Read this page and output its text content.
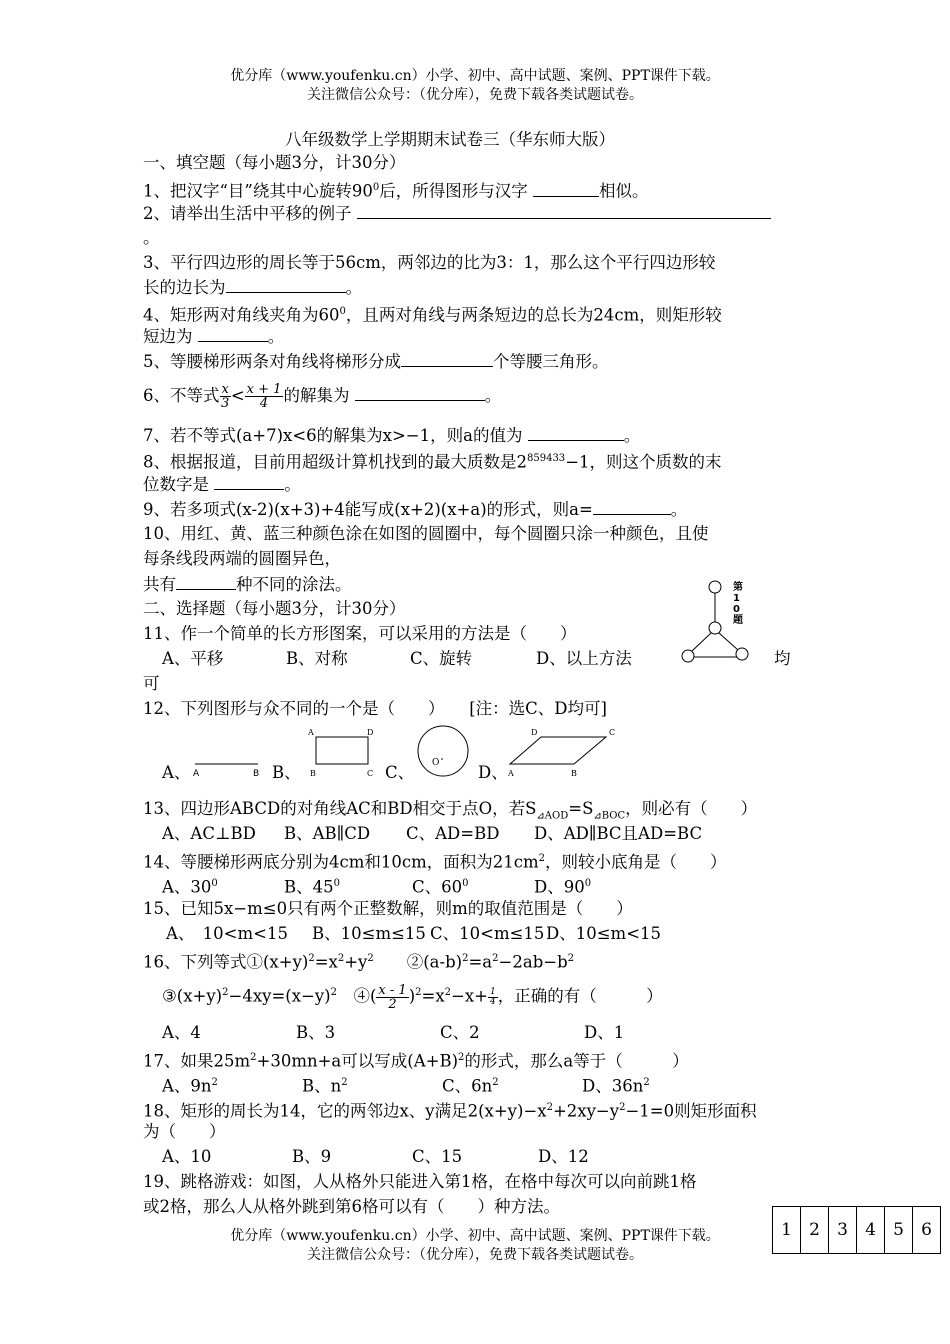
优分库（www.youfenku.cn）小学、初中、高中试题、案例、PPT课件下载。
关注微信公众号：（优分库），免费下载各类试题试卷。
八年级数学上学期期末试卷三（华东师大版）
一、填空题（每小题3分，计30分）
1、把汉字“目”绕其中心旋转$90^0$后，所得图形与汉字	相似。
2、请举出生活中平移的例子
。
3、平行四边形的周长等于56cm，两邻边的比为3：1，那么这个平行四边形较
长的边长为	。
4、矩形两对角线夹角为$60^0$，且两对角线与两条短边的总长为24cm，则矩形较
短边为	。
5、等腰梯形两条对角线将梯形分成	个等腰三角形。
6、不等式 $\frac{x}{3} < \frac{x + 1}{4}$ 的解集为	。
7、若不等式(a+7)x<6的解集为x>−1，则a的值为	。
8、根据报道，目前用超级计算机找到的最大质数是$2^{859433}-1$，则这个质数的末
位数字是	。
9、若多项式(x-2)(x+3)+4能写成(x+2)(x+a)的形式，则a=	。
10、用红、黄、蓝三种颜色涂在如图的圆圈中，每个圆圈只涂一种颜色，且使
每条线段两端的圆圈异色，
共有	种不同的涂法。	第10题
二、选择题（每小题3分，计30分）
11、作一个简单的长方形图案，可以采用的方法是（　　）
A、平移	B、对称	C、旋转	D、以上方法	均
可
12、下列图形与众不同的一个是（　　）　　 [注：选C、D均可]
A、 A	B B、
A	D
B	C C、 O D、
D	C
A	B
13、四边形ABCD的对角线AC和BD相交于点O，若$S_{⊿AOD}=S_{⊿BOC}$，则必有（　　）
A、AC⊥BD B、AB∥CD C、AD=BD D、AD∥BC且AD=BC
14、等腰梯形两底分别为4cm和10cm，面积为$21cm^2$，则较小底角是（　　）
A、$30^0$	B、$45^0$	C、$60^0$	D、$90^0$
15、已知5x−m≤0只有两个正整数解，则m的取值范围是（　　）
A、　10<m<15 B、10≤m≤15 C、10<m≤15D、10≤m<15
16、下列等式$①(x+y)^2=x^2+y^2$　　 $②(a-b)^2=a^2-2ab-b^2$
$③(x+y)^2-4xy=(x-y)^2$　 ④( $\frac{x - 1}{2} )^2=x^2-x+ \frac{1}{4}$ ，正确的有（　　　）
A、4	B、3	C、2	D、1
17、如果$25m^2+30mn+a$可以写成$(A+B)^2$的形式，那么a等于（　　　）
A、$9n^2$	B、$n^2$	C、$6n^2$	D、$36n^2$
18、矩形的周长为14，它的两邻边x、y满足$2(x+y)-x^2+2xy-y^2-1=0$则矩形面积
为（　　）
A、10	B、9	C、15	D、12
19、跳格游戏：如图，人从格外只能进入第1格，在格中每次可以向前跳1格
或2格，那么人从格外跳到第6格可以有（　　）种方法。
1	2	3	4	5	6
优分库（www.youfenku.cn）小学、初中、高中试题、案例、PPT课件下载。
关注微信公众号：（优分库），免费下载各类试题试卷。
